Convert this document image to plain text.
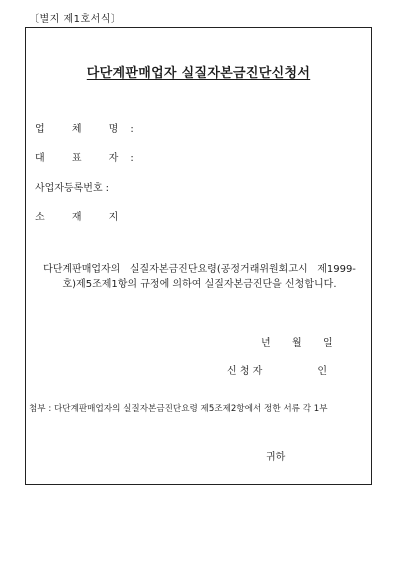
〔별지 제1호서식〕
다단계판매업자 실질자본금진단신청서
업 체 명:
대 표 자:
사업자등록번호 :
소 재 지
다단계판매업자의   실질자본금진단요령(공정거래위원회고시   제1999-
호)제5조제1항의 규정에 의하여 실질자본금진단을 신청합니다.
년 월 일
신 청 자	인
첨부 : 다단계판매업자의 실질자본금진단요령 제5조제2항에서 정한 서류 각 1부
귀하
